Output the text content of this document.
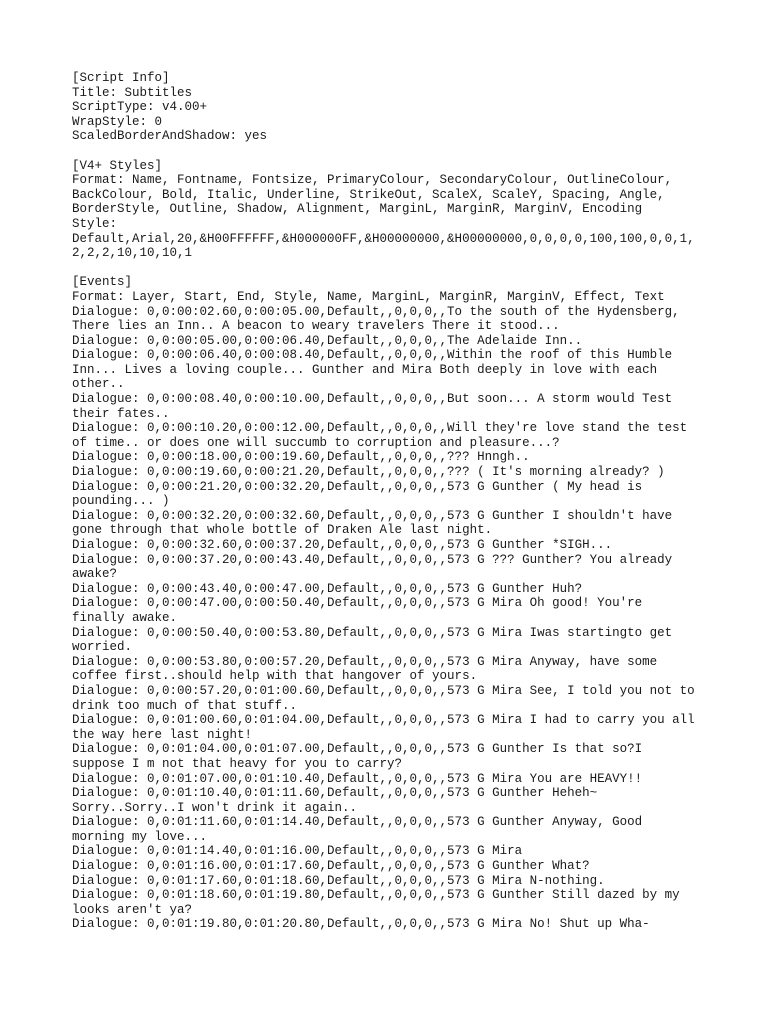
[Script Info]
Title: Subtitles
ScriptType: v4.00+
WrapStyle: 0
ScaledBorderAndShadow: yes
[V4+ Styles]
Format: Name, Fontname, Fontsize, PrimaryColour, SecondaryColour, OutlineColour,
BackColour, Bold, Italic, Underline, StrikeOut, ScaleX, ScaleY, Spacing, Angle,
BorderStyle, Outline, Shadow, Alignment, MarginL, MarginR, MarginV, Encoding
Style:
Default,Arial,20,&H00FFFFFF,&H000000FF,&H00000000,&H00000000,0,0,0,0,100,100,0,0,1,
2,2,2,10,10,10,1
[Events]
Format: Layer, Start, End, Style, Name, MarginL, MarginR, MarginV, Effect, Text
Dialogue: 0,0:00:02.60,0:00:05.00,Default,,0,0,0,,To the south of the Hydensberg,
There lies an Inn.. A beacon to weary travelers There it stood...
Dialogue: 0,0:00:05.00,0:00:06.40,Default,,0,0,0,,The Adelaide Inn..
Dialogue: 0,0:00:06.40,0:00:08.40,Default,,0,0,0,,Within the roof of this Humble
Inn... Lives a loving couple... Gunther and Mira Both deeply in love with each
other..
Dialogue: 0,0:00:08.40,0:00:10.00,Default,,0,0,0,,But soon... A storm would Test
their fates..
Dialogue: 0,0:00:10.20,0:00:12.00,Default,,0,0,0,,Will they're love stand the test
of time.. or does one will succumb to corruption and pleasure...?
Dialogue: 0,0:00:18.00,0:00:19.60,Default,,0,0,0,,??? Hnngh..
Dialogue: 0,0:00:19.60,0:00:21.20,Default,,0,0,0,,??? ( It's morning already? )
Dialogue: 0,0:00:21.20,0:00:32.20,Default,,0,0,0,,573 G Gunther ( My head is
pounding... )
Dialogue: 0,0:00:32.20,0:00:32.60,Default,,0,0,0,,573 G Gunther I shouldn't have
gone through that whole bottle of Draken Ale last night.
Dialogue: 0,0:00:32.60,0:00:37.20,Default,,0,0,0,,573 G Gunther *SIGH...
Dialogue: 0,0:00:37.20,0:00:43.40,Default,,0,0,0,,573 G ??? Gunther? You already
awake?
Dialogue: 0,0:00:43.40,0:00:47.00,Default,,0,0,0,,573 G Gunther Huh?
Dialogue: 0,0:00:47.00,0:00:50.40,Default,,0,0,0,,573 G Mira Oh good! You're
finally awake.
Dialogue: 0,0:00:50.40,0:00:53.80,Default,,0,0,0,,573 G Mira Iwas startingto get
worried.
Dialogue: 0,0:00:53.80,0:00:57.20,Default,,0,0,0,,573 G Mira Anyway, have some
coffee first..should help with that hangover of yours.
Dialogue: 0,0:00:57.20,0:01:00.60,Default,,0,0,0,,573 G Mira See, I told you not to
drink too much of that stuff..
Dialogue: 0,0:01:00.60,0:01:04.00,Default,,0,0,0,,573 G Mira I had to carry you all
the way here last night!
Dialogue: 0,0:01:04.00,0:01:07.00,Default,,0,0,0,,573 G Gunther Is that so?I
suppose I m not that heavy for you to carry?
Dialogue: 0,0:01:07.00,0:01:10.40,Default,,0,0,0,,573 G Mira You are HEAVY!!
Dialogue: 0,0:01:10.40,0:01:11.60,Default,,0,0,0,,573 G Gunther Heheh~
Sorry..Sorry..I won't drink it again..
Dialogue: 0,0:01:11.60,0:01:14.40,Default,,0,0,0,,573 G Gunther Anyway, Good
morning my love...
Dialogue: 0,0:01:14.40,0:01:16.00,Default,,0,0,0,,573 G Mira
Dialogue: 0,0:01:16.00,0:01:17.60,Default,,0,0,0,,573 G Gunther What?
Dialogue: 0,0:01:17.60,0:01:18.60,Default,,0,0,0,,573 G Mira N-nothing.
Dialogue: 0,0:01:18.60,0:01:19.80,Default,,0,0,0,,573 G Gunther Still dazed by my
looks aren't ya?
Dialogue: 0,0:01:19.80,0:01:20.80,Default,,0,0,0,,573 G Mira No! Shut up Wha-
